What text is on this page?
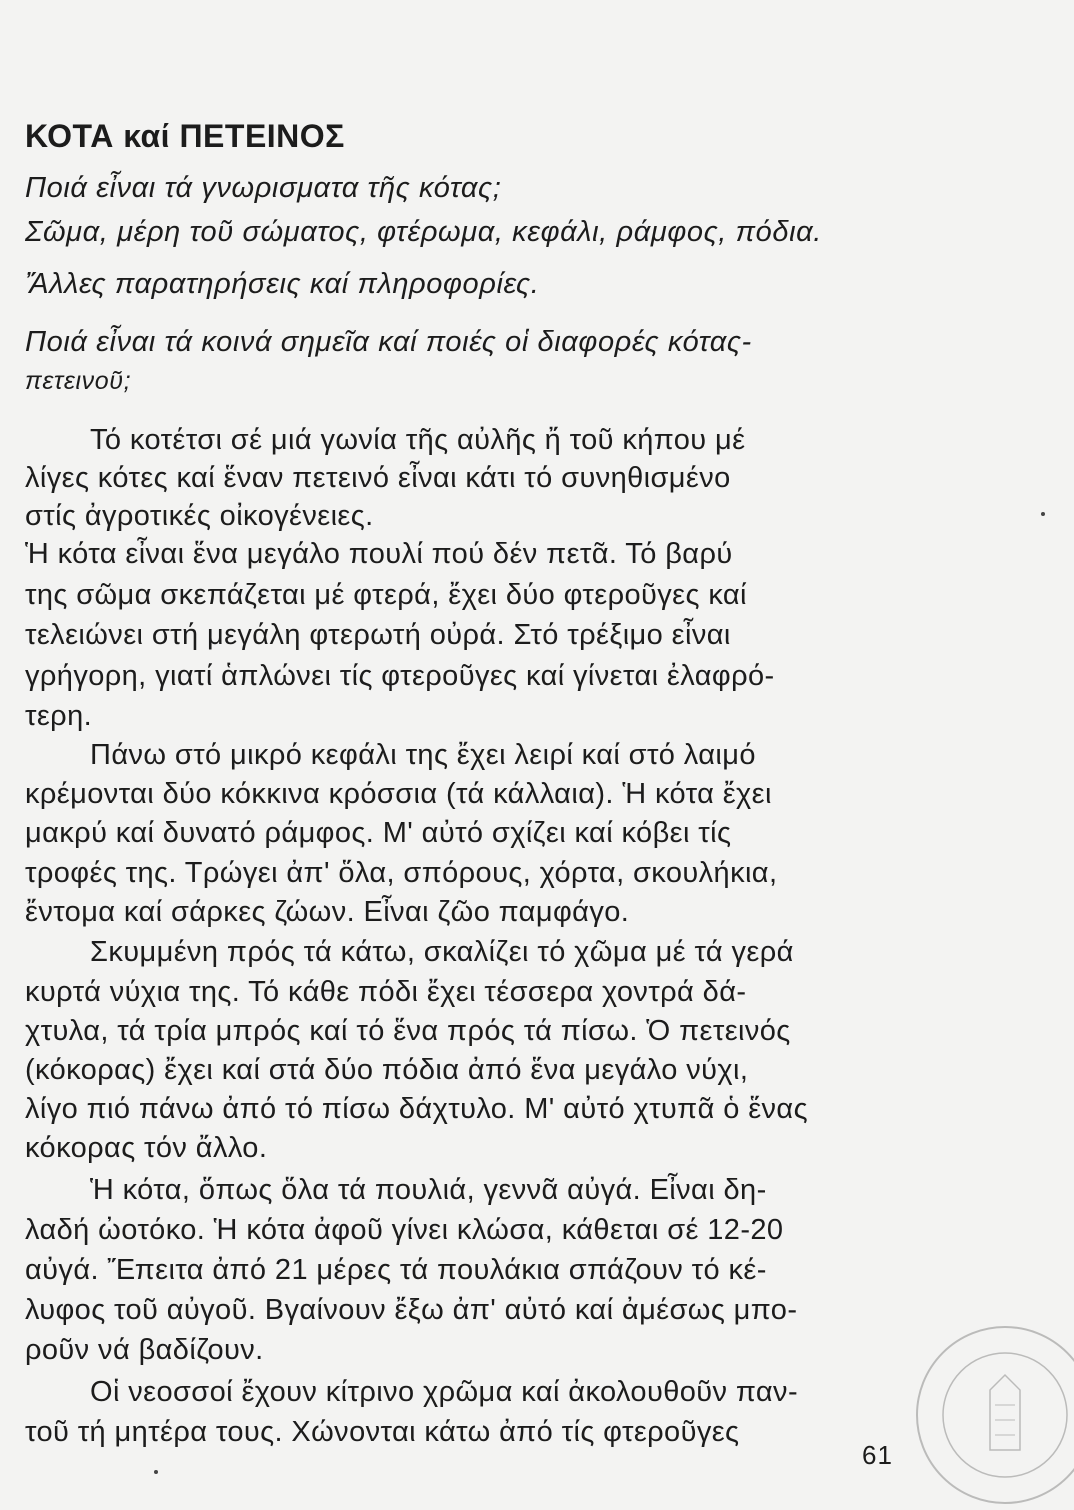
ΚΟΤΑ καί ΠΕΤΕΙΝΟΣ
Ποιά εἶναι τά γνωρισματα τῆς κότας;
Σῶμα, μέρη τοῦ σώματος, φτέρωμα, κεφάλι, ράμφος, πόδια.
Ἄλλες παρατηρήσεις καί πληροφορίες.
Ποιά εἶναι τά κοινά σημεῖα καί ποιές οἱ διαφορές κότας-
πετεινοῦ;
Τό κοτέτσι σέ μιά γωνία τῆς αὐλῆς ἤ τοῦ κήπου μέ
λίγες κότες καί ἕναν πετεινό εἶναι κάτι τό συνηθισμένο
στίς ἀγροτικές οἰκογένειες.
Ἡ κότα εἶναι ἕνα μεγάλο πουλί πού δέν πετᾶ. Τό βαρύ
της σῶμα σκεπάζεται μέ φτερά, ἔχει δύο φτεροῦγες καί
τελειώνει στή μεγάλη φτερωτή οὐρά. Στό τρέξιμο εἶναι
γρήγορη, γιατί ἁπλώνει τίς φτεροῦγες καί γίνεται ἐλαφρό-
τερη.
Πάνω στό μικρό κεφάλι της ἔχει λειρί καί στό λαιμό
κρέμονται δύο κόκκινα κρόσσια (τά κάλλαια). Ἡ κότα ἔχει
μακρύ καί δυνατό ράμφος. Μ' αὐτό σχίζει καί κόβει τίς
τροφές της. Τρώγει ἀπ' ὅλα, σπόρους, χόρτα, σκουλήκια,
ἔντομα καί σάρκες ζώων. Εἶναι ζῶο παμφάγο.
Σκυμμένη πρός τά κάτω, σκαλίζει τό χῶμα μέ τά γερά
κυρτά νύχια της. Τό κάθε πόδι ἔχει τέσσερα χοντρά δά-
χτυλα, τά τρία μπρός καί τό ἕνα πρός τά πίσω. Ὁ πετεινός
(κόκορας) ἔχει καί στά δύο πόδια ἀπό ἕνα μεγάλο νύχι,
λίγο πιό πάνω ἀπό τό πίσω δάχτυλο. Μ' αὐτό χτυπᾶ ὁ ἕνας
κόκορας τόν ἄλλο.
Ἡ κότα, ὅπως ὅλα τά πουλιά, γεννᾶ αὐγά. Εἶναι δη-
λαδή ὠοτόκο. Ἡ κότα ἀφοῦ γίνει κλώσα, κάθεται σέ 12-20
αὐγά. Ἔπειτα ἀπό 21 μέρες τά πουλάκια σπάζουν τό κέ-
λυφος τοῦ αὐγοῦ. Βγαίνουν ἔξω ἀπ' αὐτό καί ἀμέσως μπο-
ροῦν νά βαδίζουν.
Οἱ νεοσσοί ἔχουν κίτρινο χρῶμα καί ἀκολουθοῦν παν-
τοῦ τή μητέρα τους. Χώνονται κάτω ἀπό τίς φτεροῦγες
61
